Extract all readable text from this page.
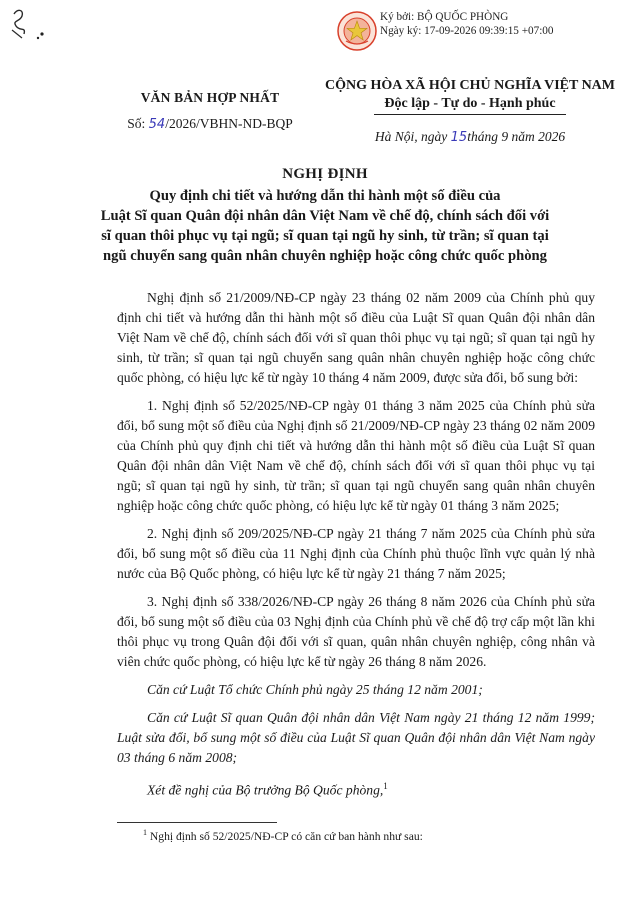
Ký bởi: BỘ QUỐC PHÒNG
Ngày ký: 17-09-2026 09:39:15 +07:00
VĂN BẢN HỢP NHẤT
Số: 54/2026/VBHN-ND-BQP
CỘNG HÒA XÃ HỘI CHỦ NGHĨA VIỆT NAM
Độc lập - Tự do - Hạnh phúc
Hà Nội, ngày 15tháng 9 năm 2026
NGHỊ ĐỊNH
Quy định chi tiết và hướng dẫn thi hành một số điều của
Luật Sĩ quan Quân đội nhân dân Việt Nam về chế độ, chính sách đối với
sĩ quan thôi phục vụ tại ngũ; sĩ quan tại ngũ hy sinh, từ trần; sĩ quan tại
ngũ chuyển sang quân nhân chuyên nghiệp hoặc công chức quốc phòng

Nghị định số 21/2009/NĐ-CP ngày 23 tháng 02 năm 2009 của Chính phủ quy định chi tiết và hướng dẫn thi hành một số điều của Luật Sĩ quan Quân đội nhân dân Việt Nam về chế độ, chính sách đối với sĩ quan thôi phục vụ tại ngũ; sĩ quan tại ngũ hy sinh, từ trần; sĩ quan tại ngũ chuyển sang quân nhân chuyên nghiệp hoặc công chức quốc phòng, có hiệu lực kể từ ngày 10 tháng 4 năm 2009, được sửa đổi, bổ sung bởi:

1. Nghị định số 52/2025/NĐ-CP ngày 01 tháng 3 năm 2025 của Chính phủ sửa đổi, bổ sung một số điều của Nghị định số 21/2009/NĐ-CP ngày 23 tháng 02 năm 2009 của Chính phủ quy định chi tiết và hướng dẫn thi hành một số điều của Luật Sĩ quan Quân đội nhân dân Việt Nam về chế độ, chính sách đối với sĩ quan thôi phục vụ tại ngũ; sĩ quan tại ngũ hy sinh, từ trần; sĩ quan tại ngũ chuyển sang quân nhân chuyên nghiệp hoặc công chức quốc phòng, có hiệu lực kể từ ngày 01 tháng 3 năm 2025;

2. Nghị định số 209/2025/NĐ-CP ngày 21 tháng 7 năm 2025 của Chính phủ sửa đổi, bổ sung một số điều của 11 Nghị định của Chính phủ thuộc lĩnh vực quản lý nhà nước của Bộ Quốc phòng, có hiệu lực kể từ ngày 21 tháng 7 năm 2025;

3. Nghị định số 338/2026/NĐ-CP ngày 26 tháng 8 năm 2026 của Chính phủ sửa đổi, bổ sung một số điều của 03 Nghị định của Chính phủ về chế độ trợ cấp một lần khi thôi phục vụ trong Quân đội đối với sĩ quan, quân nhân chuyên nghiệp, công nhân và viên chức quốc phòng, có hiệu lực kể từ ngày 26 tháng 8 năm 2026.

Căn cứ Luật Tổ chức Chính phủ ngày 25 tháng 12 năm 2001;

Căn cứ Luật Sĩ quan Quân đội nhân dân Việt Nam ngày 21 tháng 12 năm 1999; Luật sửa đổi, bổ sung một số điều của Luật Sĩ quan Quân đội nhân dân Việt Nam ngày 03 tháng 6 năm 2008;

Xét đề nghị của Bộ trưởng Bộ Quốc phòng,$^1$

$^1$ Nghị định số 52/2025/NĐ-CP có căn cứ ban hành như sau:
